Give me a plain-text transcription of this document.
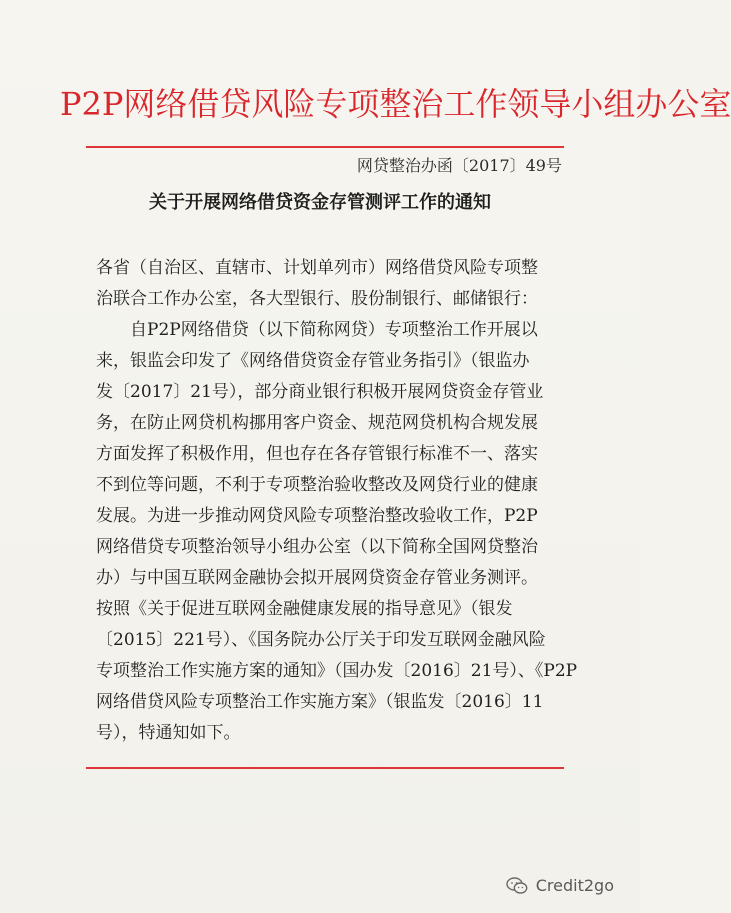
P2P网络借贷风险专项整治工作领导小组办公室
网贷整治办函〔2017〕49号
关于开展网络借贷资金存管测评工作的通知
各省（自治区、直辖市、计划单列市）网络借贷风险专项整
治联合工作办公室，各大型银行、股份制银行、邮储银行：
自P2P网络借贷（以下简称网贷）专项整治工作开展以
来，银监会印发了《网络借贷资金存管业务指引》（银监办
发〔2017〕21号），部分商业银行积极开展网贷资金存管业
务，在防止网贷机构挪用客户资金、规范网贷机构合规发展
方面发挥了积极作用，但也存在各存管银行标准不一、落实
不到位等问题，不利于专项整治验收整改及网贷行业的健康
发展。为进一步推动网贷风险专项整治整改验收工作，P2P
网络借贷专项整治领导小组办公室（以下简称全国网贷整治
办）与中国互联网金融协会拟开展网贷资金存管业务测评。
按照《关于促进互联网金融健康发展的指导意见》（银发
〔2015〕221号）、《国务院办公厅关于印发互联网金融风险
专项整治工作实施方案的通知》（国办发〔2016〕21号）、《P2P
网络借贷风险专项整治工作实施方案》（银监发〔2016〕11
号），特通知如下。
Credit2go
